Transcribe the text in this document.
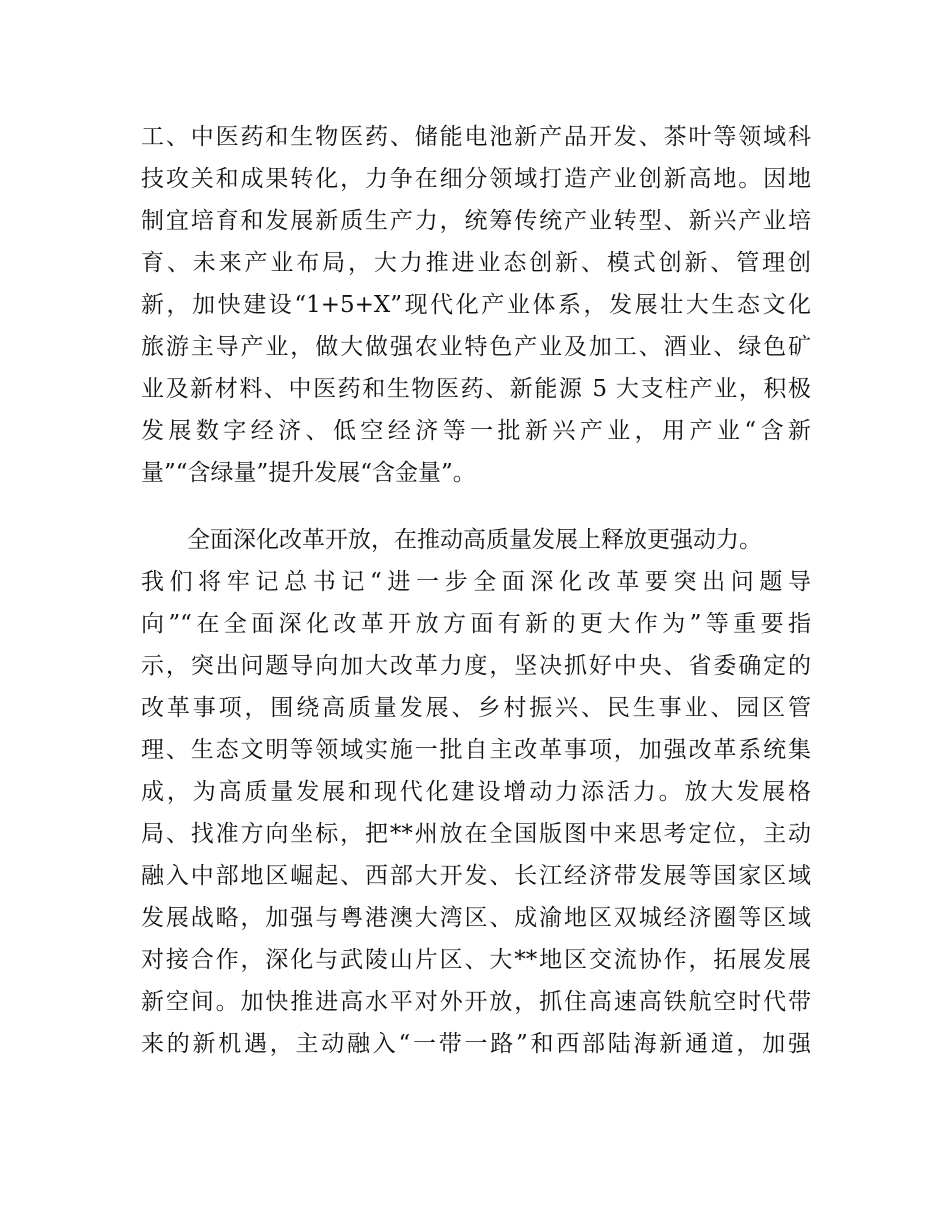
工、中医药和生物医药、储能电池新产品开发、茶叶等领域科
技攻关和成果转化，力争在细分领域打造产业创新高地。因地
制宜培育和发展新质生产力，统筹传统产业转型、新兴产业培
育、未来产业布局，大力推进业态创新、模式创新、管理创
新，加快建设“1+5+X”现代化产业体系，发展壮大生态文化
旅游主导产业，做大做强农业特色产业及加工、酒业、绿色矿
业及新材料、中医药和生物医药、新能源 5 大支柱产业，积极
发展数字经济、低空经济等一批新兴产业，用产业“含新
量”“含绿量”提升发展“含金量”。
全面深化改革开放，在推动高质量发展上释放更强动力。
我们将牢记总书记“进一步全面深化改革要突出问题导
向”“在全面深化改革开放方面有新的更大作为”等重要指
示，突出问题导向加大改革力度，坚决抓好中央、省委确定的
改革事项，围绕高质量发展、乡村振兴、民生事业、园区管
理、生态文明等领域实施一批自主改革事项，加强改革系统集
成，为高质量发展和现代化建设增动力添活力。放大发展格
局、找准方向坐标，把**州放在全国版图中来思考定位，主动
融入中部地区崛起、西部大开发、长江经济带发展等国家区域
发展战略，加强与粤港澳大湾区、成渝地区双城经济圈等区域
对接合作，深化与武陵山片区、大**地区交流协作，拓展发展
新空间。加快推进高水平对外开放，抓住高速高铁航空时代带
来的新机遇，主动融入“一带一路”和西部陆海新通道，加强
